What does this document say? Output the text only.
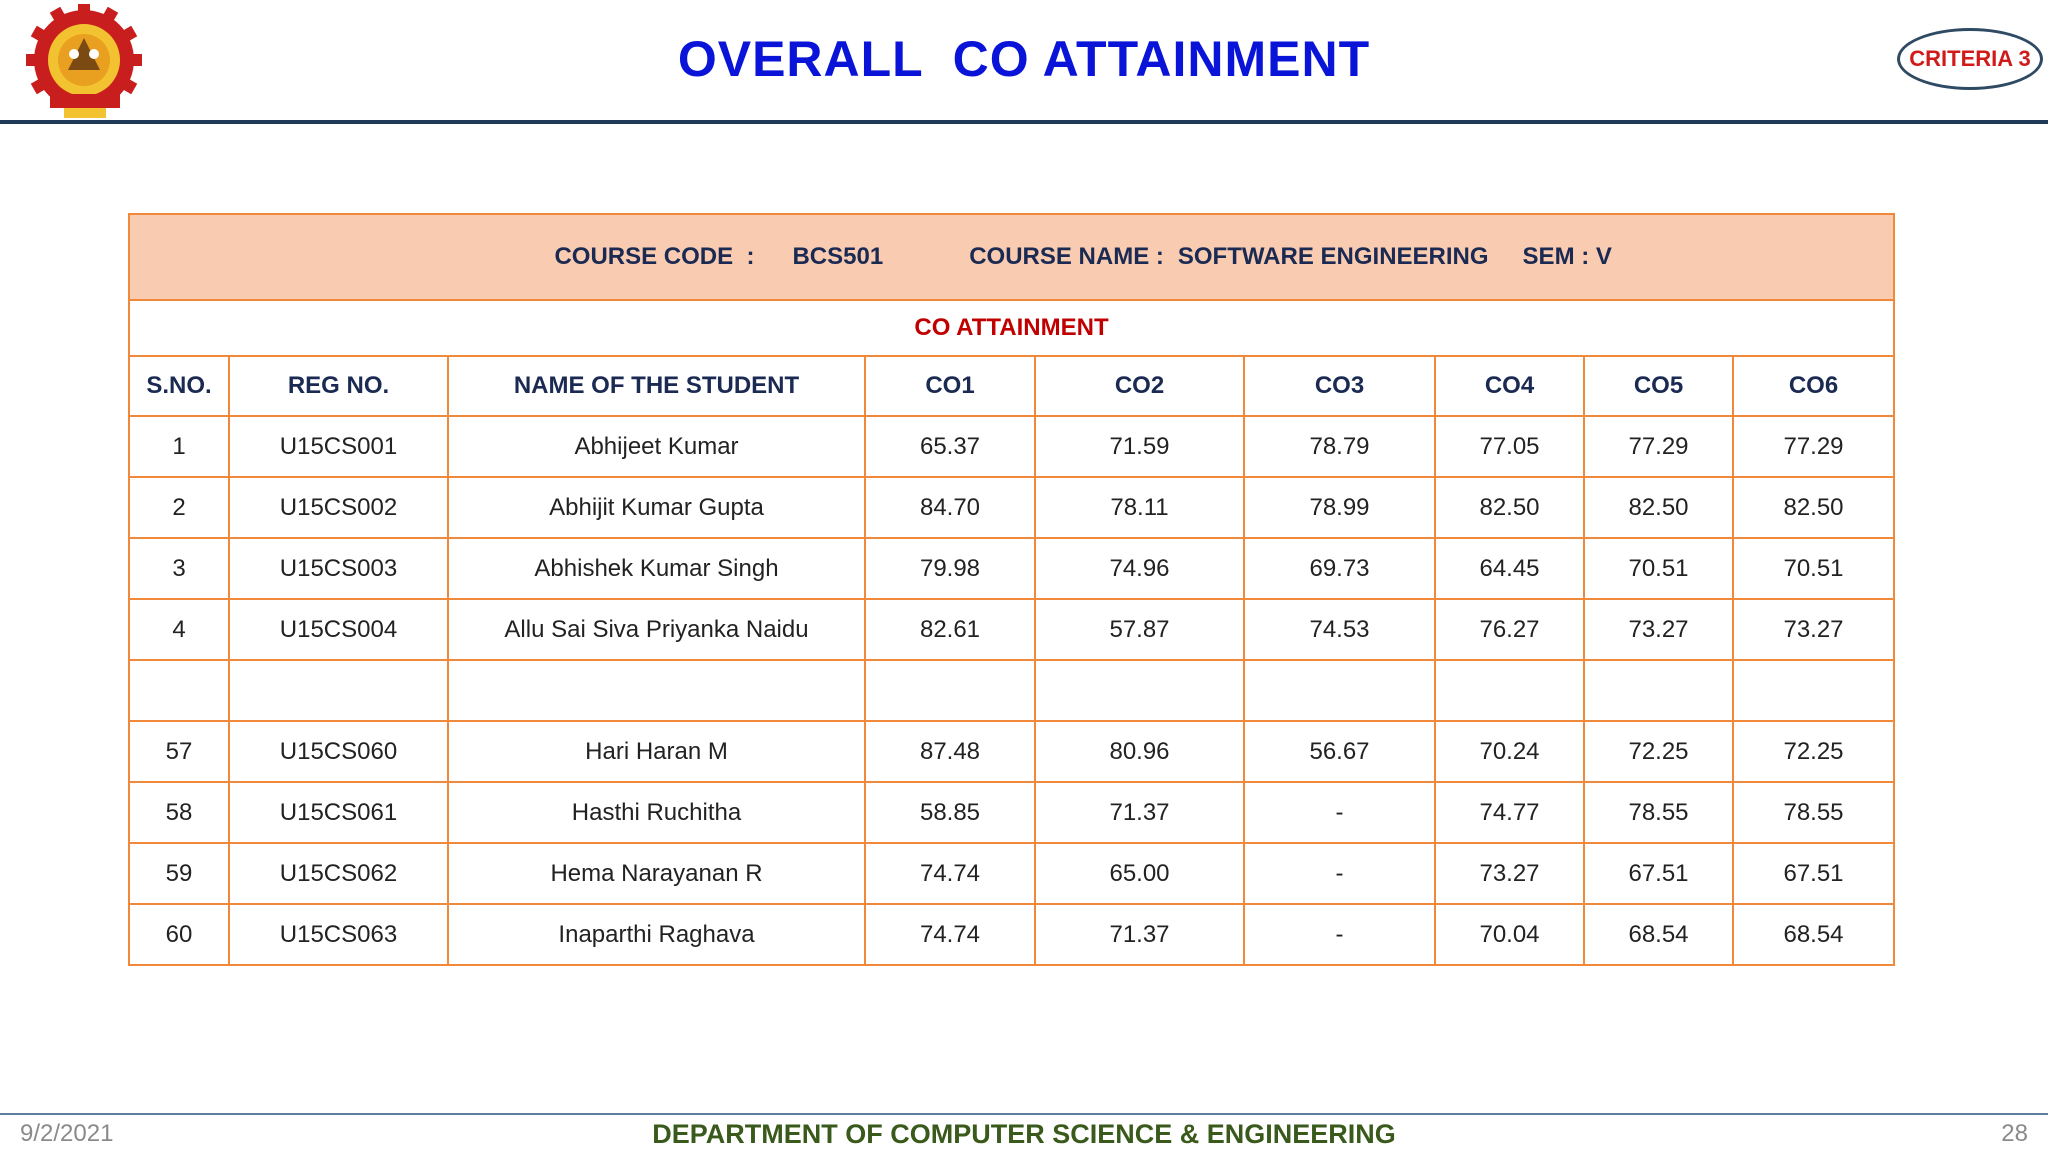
OVERALL  CO ATTAINMENT	CRITERIA 3

COURSE CODE  : BCS501 COURSE NAME : SOFTWARE ENGINEERING SEM : V								

CO ATTAINMENT								
S.NO.	REG NO.	NAME OF THE STUDENT	CO1	CO2	CO3	CO4	CO5	CO6
1	U15CS001	Abhijeet Kumar	65.37	71.59	78.79	77.05	77.29	77.29
2	U15CS002	Abhijit Kumar Gupta	84.70	78.11	78.99	82.50	82.50	82.50
3	U15CS003	Abhishek Kumar Singh	79.98	74.96	69.73	64.45	70.51	70.51
4	U15CS004	Allu Sai Siva Priyanka Naidu	82.61	57.87	74.53	76.27	73.27	73.27

57	U15CS060	Hari Haran M	87.48	80.96	56.67	70.24	72.25	72.25
58	U15CS061	Hasthi Ruchitha	58.85	71.37	-	74.77	78.55	78.55
59	U15CS062	Hema Narayanan R	74.74	65.00	-	73.27	67.51	67.51
60	U15CS063	Inaparthi Raghava	74.74	71.37	-	70.04	68.54	68.54
9/2/2021	DEPARTMENT OF COMPUTER SCIENCE & ENGINEERING	28
